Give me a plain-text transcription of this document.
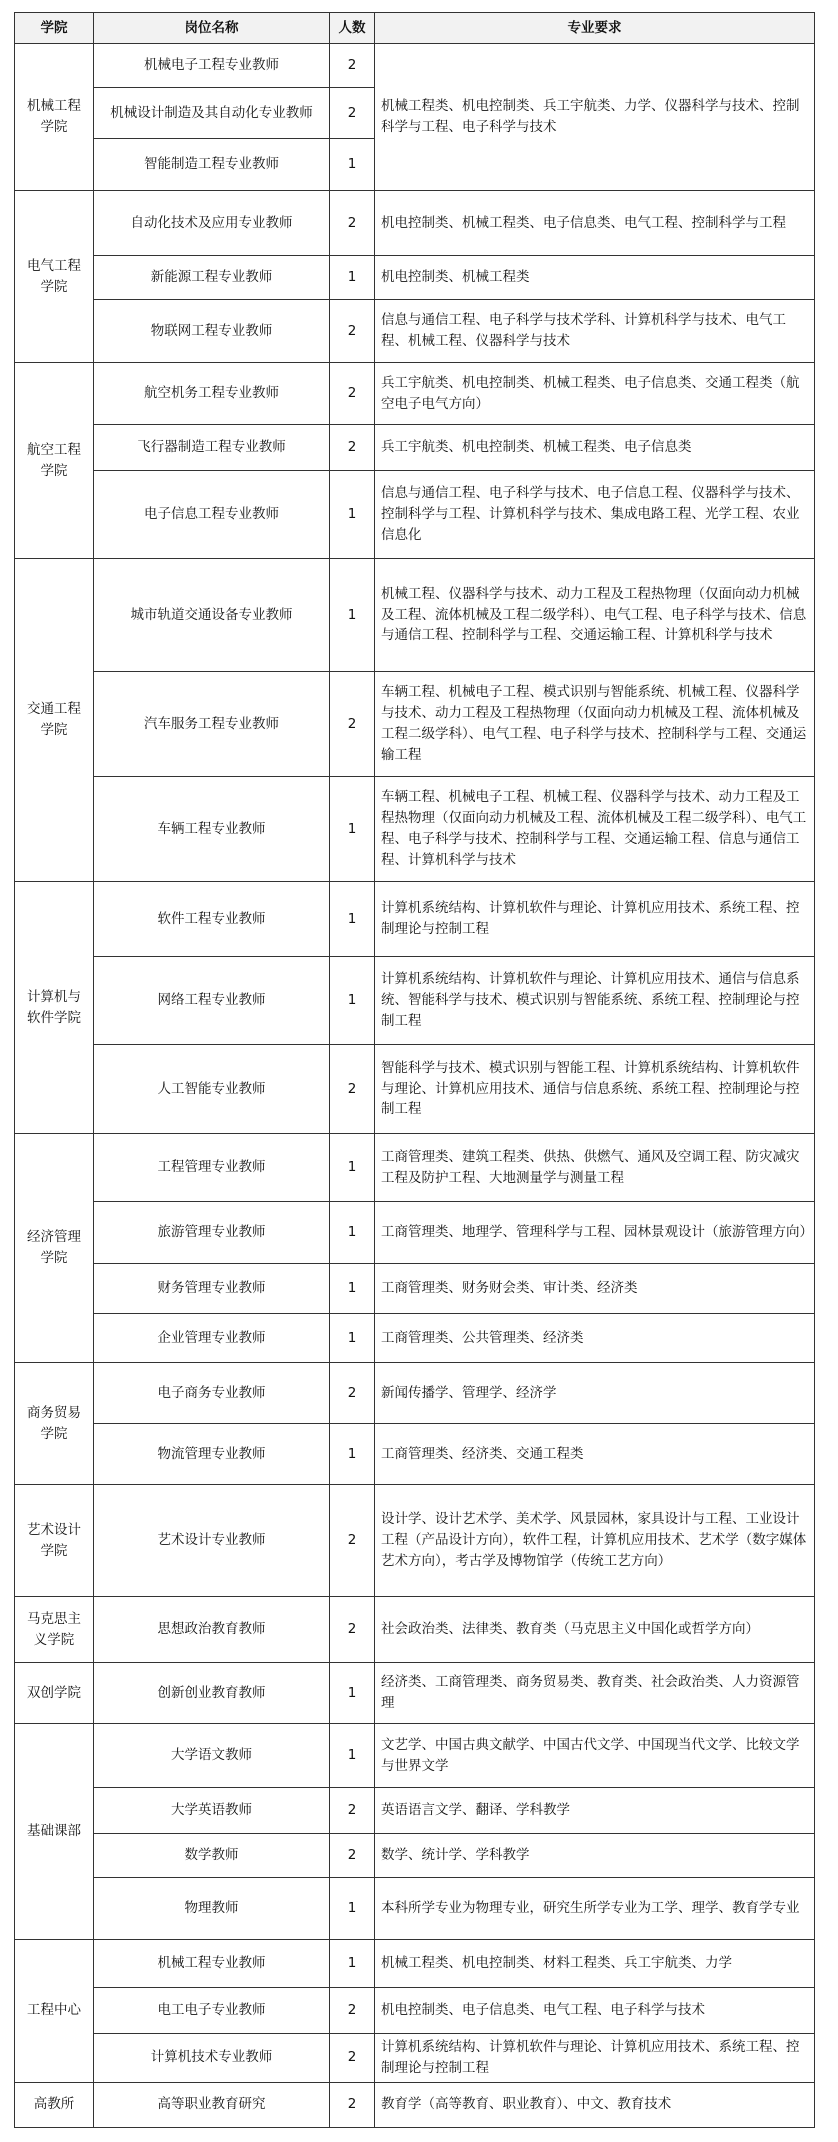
学院	岗位名称	人数	专业要求
机械工程学院	机械电子工程专业教师	2	机械工程类、机电控制类、兵工宇航类、力学、仪器科学与技术、控制科学与工程、电子科学与技术
	机械设计制造及其自动化专业教师	2	
	智能制造工程专业教师	1	
电气工程学院	自动化技术及应用专业教师	2	机电控制类、机械工程类、电子信息类、电气工程、控制科学与工程
	新能源工程专业教师	1	机电控制类、机械工程类
	物联网工程专业教师	2	信息与通信工程、电子科学与技术学科、计算机科学与技术、电气工程、机械工程、仪器科学与技术
航空工程学院	航空机务工程专业教师	2	兵工宇航类、机电控制类、机械工程类、电子信息类、交通工程类（航空电子电气方向）
	飞行器制造工程专业教师	2	兵工宇航类、机电控制类、机械工程类、电子信息类
	电子信息工程专业教师	1	信息与通信工程、电子科学与技术、电子信息工程、仪器科学与技术、控制科学与工程、计算机科学与技术、集成电路工程、光学工程、农业信息化
交通工程学院	城市轨道交通设备专业教师	1	机械工程、仪器科学与技术、动力工程及工程热物理（仅面向动力机械及工程、流体机械及工程二级学科）、电气工程、电子科学与技术、信息与通信工程、控制科学与工程、交通运输工程、计算机科学与技术
	汽车服务工程专业教师	2	车辆工程、机械电子工程、模式识别与智能系统、机械工程、仪器科学与技术、动力工程及工程热物理（仅面向动力机械及工程、流体机械及工程二级学科）、电气工程、电子科学与技术、控制科学与工程、交通运输工程
	车辆工程专业教师	1	车辆工程、机械电子工程、机械工程、仪器科学与技术、动力工程及工程热物理（仅面向动力机械及工程、流体机械及工程二级学科）、电气工程、电子科学与技术、控制科学与工程、交通运输工程、信息与通信工程、计算机科学与技术
计算机与软件学院	软件工程专业教师	1	计算机系统结构、计算机软件与理论、计算机应用技术、系统工程、控制理论与控制工程
	网络工程专业教师	1	计算机系统结构、计算机软件与理论、计算机应用技术、通信与信息系统、智能科学与技术、模式识别与智能系统、系统工程、控制理论与控制工程
	人工智能专业教师	2	智能科学与技术、模式识别与智能工程、计算机系统结构、计算机软件与理论、计算机应用技术、通信与信息系统、系统工程、控制理论与控制工程
经济管理学院	工程管理专业教师	1	工商管理类、建筑工程类、供热、供燃气、通风及空调工程、防灾减灾工程及防护工程、大地测量学与测量工程
	旅游管理专业教师	1	工商管理类、地理学、管理科学与工程、园林景观设计（旅游管理方向）
	财务管理专业教师	1	工商管理类、财务财会类、审计类、经济类
	企业管理专业教师	1	工商管理类、公共管理类、经济类
商务贸易学院	电子商务专业教师	2	新闻传播学、管理学、经济学
	物流管理专业教师	1	工商管理类、经济类、交通工程类
艺术设计学院	艺术设计专业教师	2	设计学、设计艺术学、美术学、风景园林，家具设计与工程、工业设计工程（产品设计方向），软件工程，计算机应用技术、艺术学（数字媒体艺术方向），考古学及博物馆学（传统工艺方向）
马克思主义学院	思想政治教育教师	2	社会政治类、法律类、教育类（马克思主义中国化或哲学方向）
双创学院	创新创业教育教师	1	经济类、工商管理类、商务贸易类、教育类、社会政治类、人力资源管理
基础课部	大学语文教师	1	文艺学、中国古典文献学、中国古代文学、中国现当代文学、比较文学与世界文学
	大学英语教师	2	英语语言文学、翻译、学科教学
	数学教师	2	数学、统计学、学科教学
	物理教师	1	本科所学专业为物理专业，研究生所学专业为工学、理学、教育学专业
工程中心	机械工程专业教师	1	机械工程类、机电控制类、材料工程类、兵工宇航类、力学
	电工电子专业教师	2	机电控制类、电子信息类、电气工程、电子科学与技术
	计算机技术专业教师	2	计算机系统结构、计算机软件与理论、计算机应用技术、系统工程、控制理论与控制工程
高教所	高等职业教育研究	2	教育学（高等教育、职业教育）、中文、教育技术
